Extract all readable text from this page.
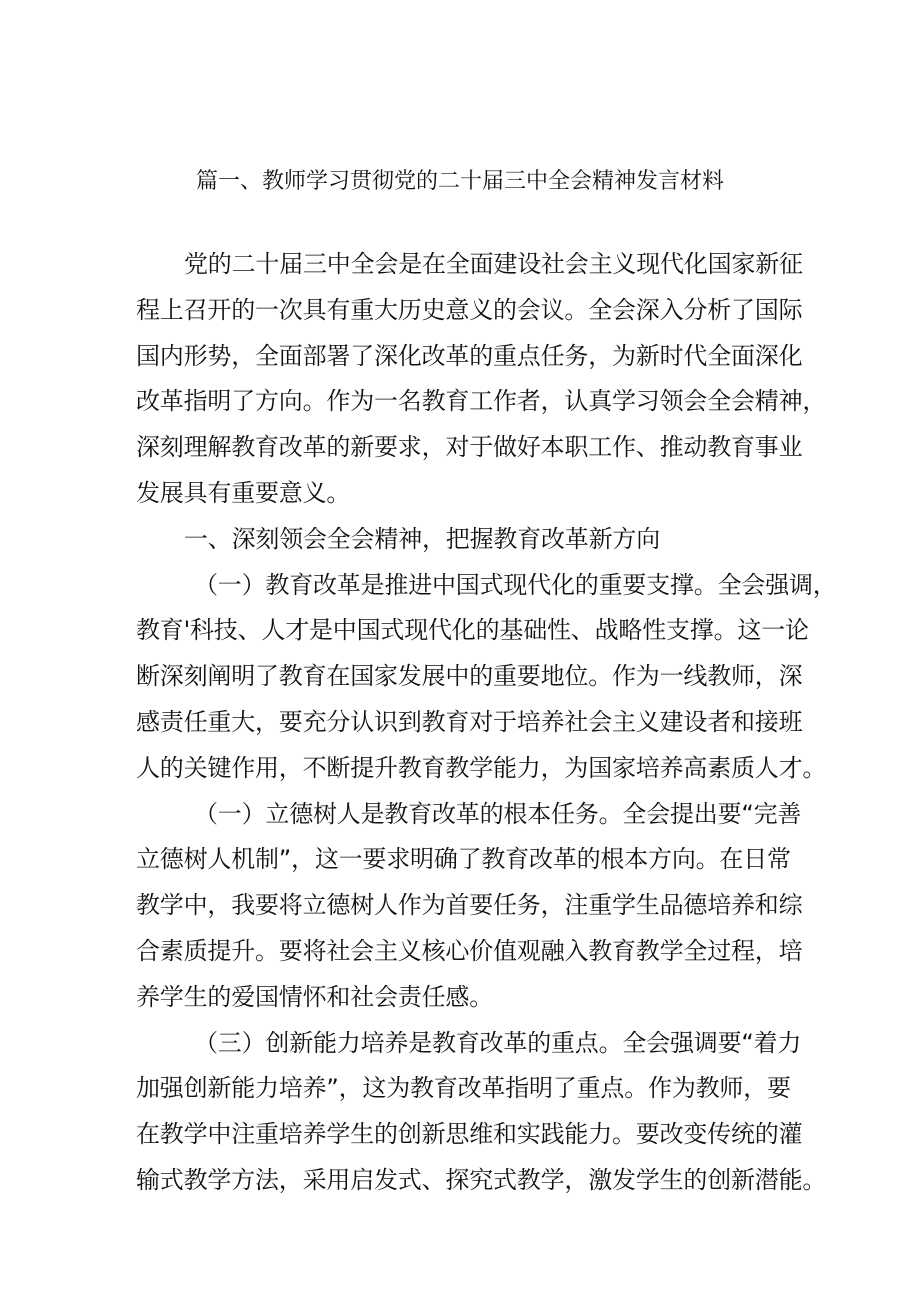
篇一、教师学习贯彻党的二十届三中全会精神发言材料

党的二十届三中全会是在全面建设社会主义现代化国家新征
程上召开的一次具有重大历史意义的会议。全会深入分析了国际
国内形势，全面部署了深化改革的重点任务，为新时代全面深化
改革指明了方向。作为一名教育工作者，认真学习领会全会精神，
深刻理解教育改革的新要求，对于做好本职工作、推动教育事业
发展具有重要意义。

一、深刻领会全会精神，把握教育改革新方向

（一）教育改革是推进中国式现代化的重要支撑。全会强调，
教育'科技、人才是中国式现代化的基础性、战略性支撑。这一论
断深刻阐明了教育在国家发展中的重要地位。作为一线教师，深
感责任重大，要充分认识到教育对于培养社会主义建设者和接班
人的关键作用，不断提升教育教学能力，为国家培养高素质人才。

（一）立德树人是教育改革的根本任务。全会提出要“完善
立德树人机制”，这一要求明确了教育改革的根本方向。在日常
教学中，我要将立德树人作为首要任务，注重学生品德培养和综
合素质提升。要将社会主义核心价值观融入教育教学全过程，培
养学生的爱国情怀和社会责任感。

（三）创新能力培养是教育改革的重点。全会强调要“着力
加强创新能力培养”，这为教育改革指明了重点。作为教师，要
在教学中注重培养学生的创新思维和实践能力。要改变传统的灌
输式教学方法，采用启发式、探究式教学，激发学生的创新潜能。
